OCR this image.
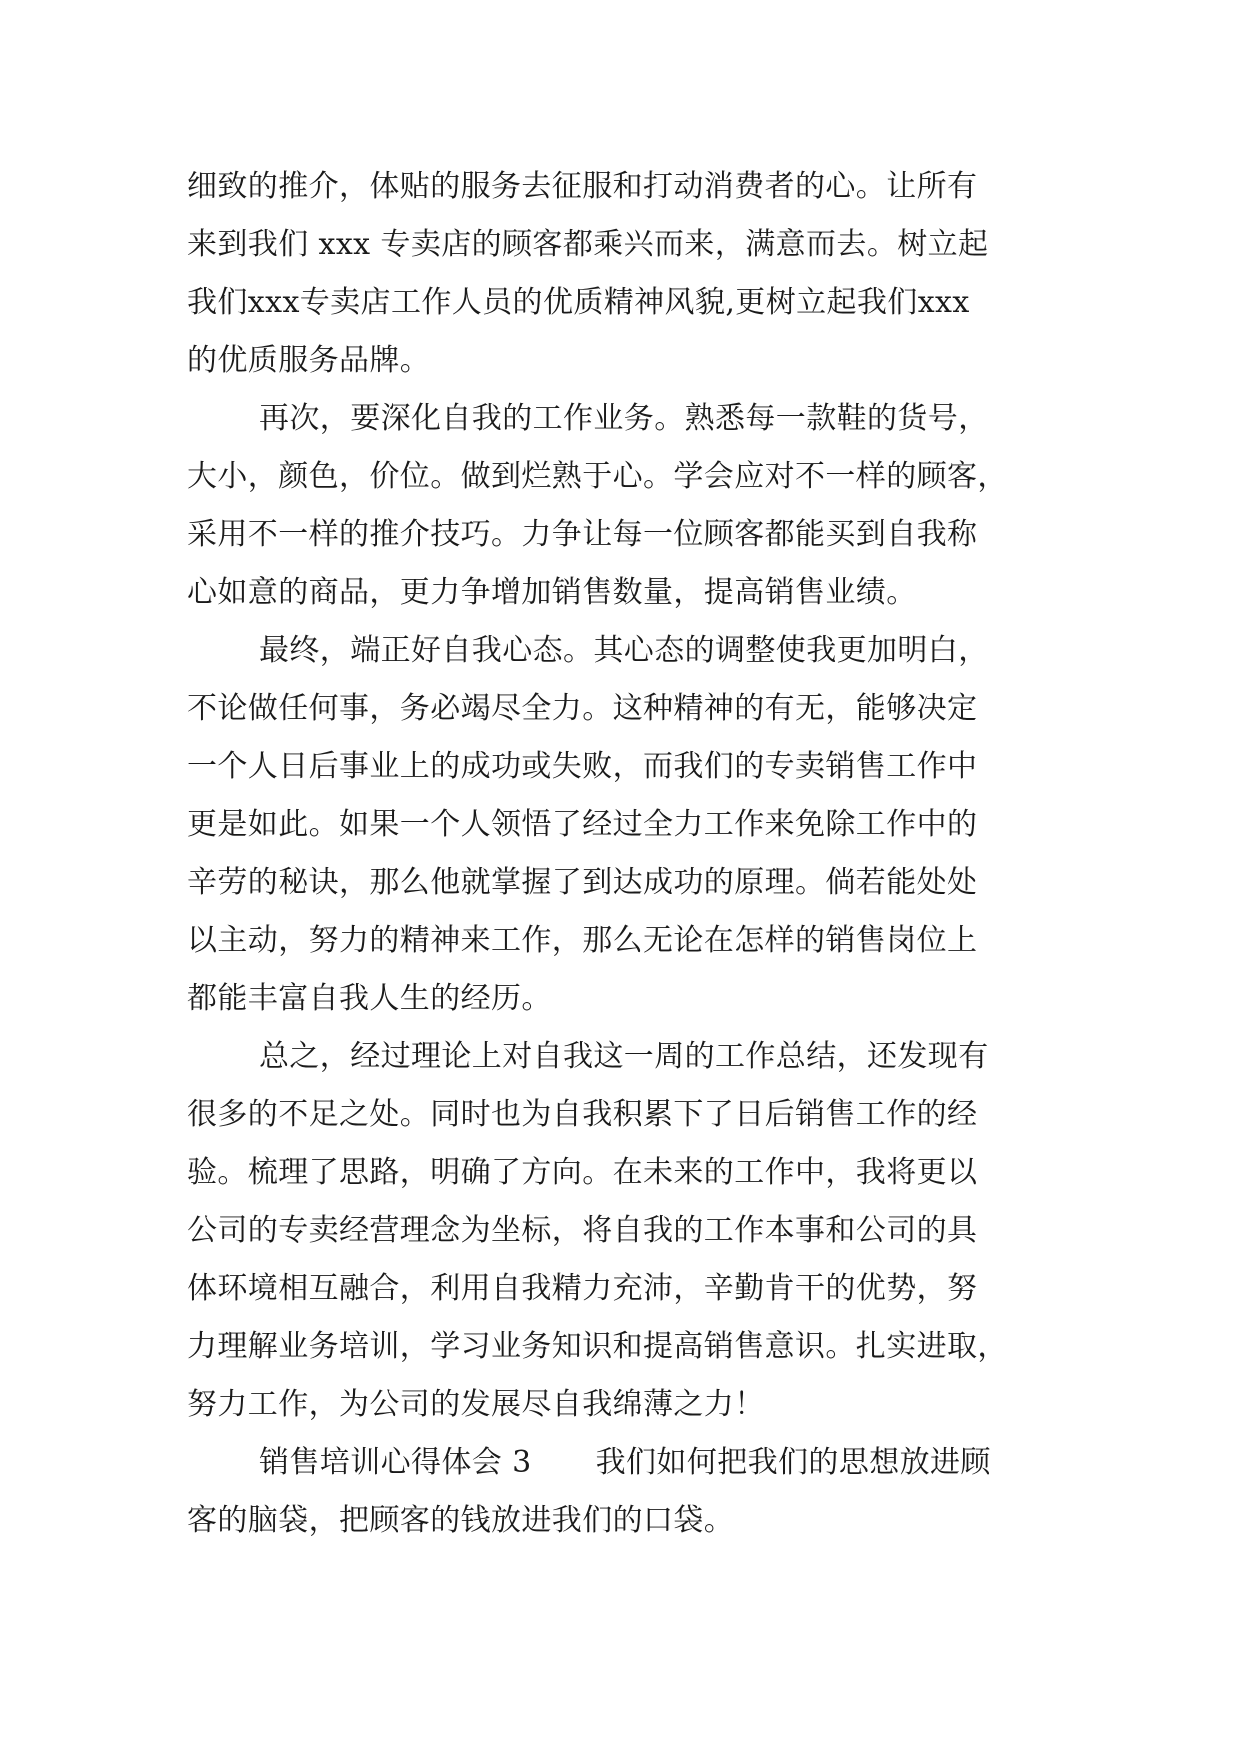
细致的推介，体贴的服务去征服和打动消费者的心。让所有
来到我们 xxx 专卖店的顾客都乘兴而来，满意而去。树立起
我们xxx专卖店工作人员的优质精神风貌,更树立起我们xxx
的优质服务品牌。
再次，要深化自我的工作业务。熟悉每一款鞋的货号，
大小，颜色，价位。做到烂熟于心。学会应对不一样的顾客，
采用不一样的推介技巧。力争让每一位顾客都能买到自我称
心如意的商品，更力争增加销售数量，提高销售业绩。
最终，端正好自我心态。其心态的调整使我更加明白，
不论做任何事，务必竭尽全力。这种精神的有无，能够决定
一个人日后事业上的成功或失败，而我们的专卖销售工作中
更是如此。如果一个人领悟了经过全力工作来免除工作中的
辛劳的秘诀，那么他就掌握了到达成功的原理。倘若能处处
以主动，努力的精神来工作，那么无论在怎样的销售岗位上
都能丰富自我人生的经历。
总之，经过理论上对自我这一周的工作总结，还发现有
很多的不足之处。同时也为自我积累下了日后销售工作的经
验。梳理了思路，明确了方向。在未来的工作中，我将更以
公司的专卖经营理念为坐标，将自我的工作本事和公司的具
体环境相互融合，利用自我精力充沛，辛勤肯干的优势，努
力理解业务培训，学习业务知识和提高销售意识。扎实进取，
努力工作，为公司的发展尽自我绵薄之力！
销售培训心得体会 3 我们如何把我们的思想放进顾
客的脑袋，把顾客的钱放进我们的口袋。
